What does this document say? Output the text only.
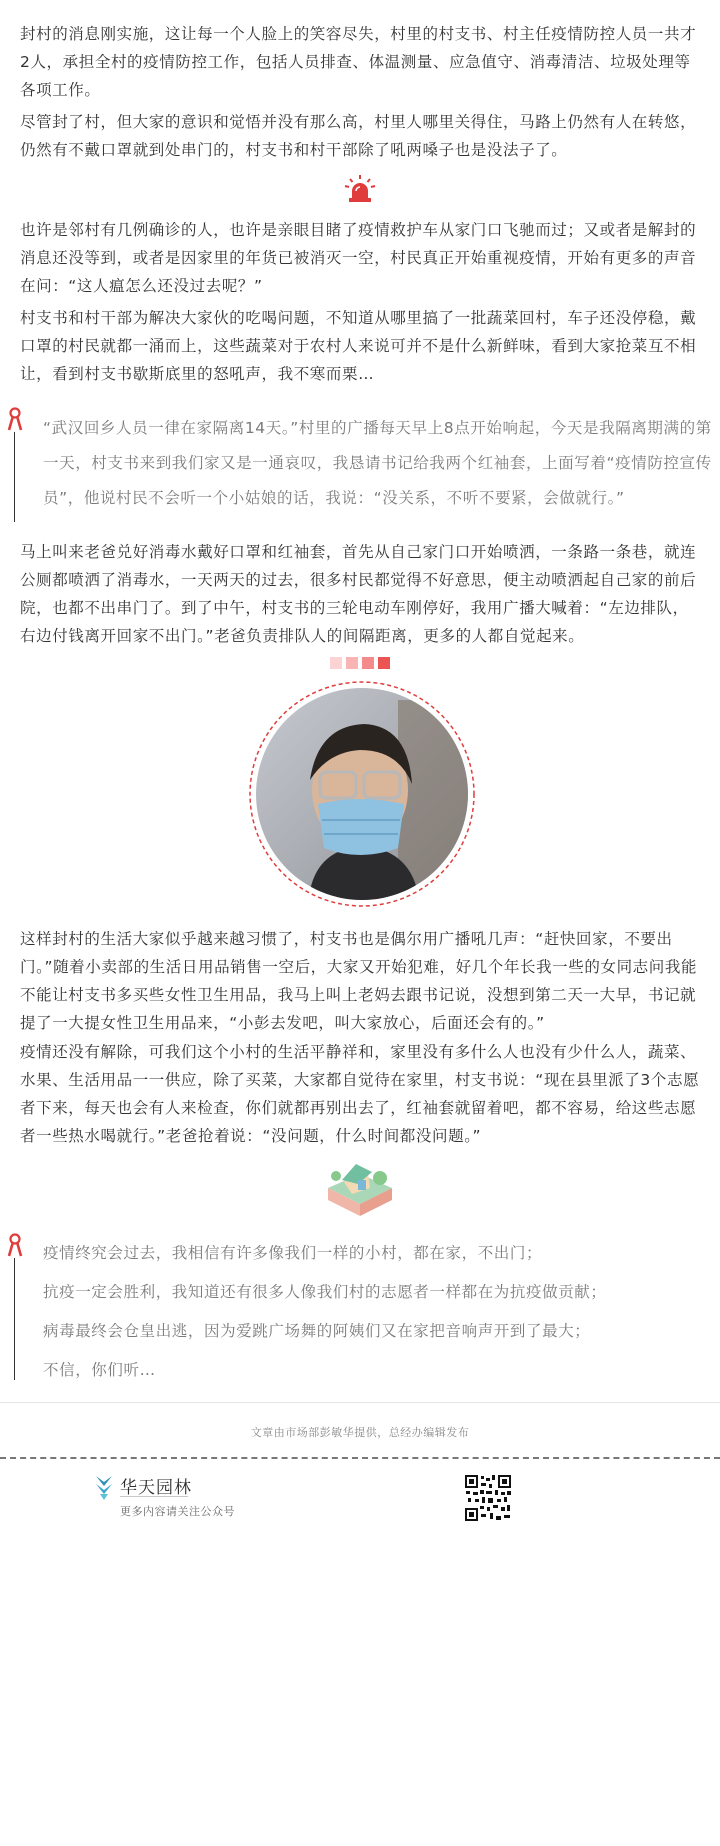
封村的消息刚实施，这让每一个人脸上的笑容尽失，村里的村支书、村主任疫情防控人员一共才2人，承担全村的疫情防控工作，包括人员排查、体温测量、应急值守、消毒清洁、垃圾处理等各项工作。

尽管封了村，但大家的意识和觉悟并没有那么高，村里人哪里关得住，马路上仍然有人在转悠，仍然有不戴口罩就到处串门的，村支书和村干部除了吼两嗓子也是没法子了。

也许是邻村有几例确诊的人，也许是亲眼目睹了疫情救护车从家门口飞驰而过；又或者是解封的消息还没等到，或者是因家里的年货已被消灭一空，村民真正开始重视疫情，开始有更多的声音在问：“这人瘟怎么还没过去呢？”

村支书和村干部为解决大家伙的吃喝问题，不知道从哪里搞了一批蔬菜回村，车子还没停稳，戴口罩的村民就都一涌而上，这些蔬菜对于农村人来说可并不是什么新鲜味，看到大家抢菜互不相让，看到村支书歇斯底里的怒吼声，我不寒而栗…

“武汉回乡人员一律在家隔离14天。”村里的广播每天早上8点开始响起，今天是我隔离期满的第一天，村支书来到我们家又是一通哀叹，我恳请书记给我两个红袖套，上面写着“疫情防控宣传员”，他说村民不会听一个小姑娘的话，我说：“没关系，不听不要紧，会做就行。”

马上叫来老爸兑好消毒水戴好口罩和红袖套，首先从自己家门口开始喷洒，一条路一条巷，就连公厕都喷洒了消毒水，一天两天的过去，很多村民都觉得不好意思，便主动喷洒起自己家的前后院，也都不出串门了。到了中午，村支书的三轮电动车刚停好，我用广播大喊着：“左边排队，右边付钱离开回家不出门。”老爸负责排队人的间隔距离，更多的人都自觉起来。

这样封村的生活大家似乎越来越习惯了，村支书也是偶尔用广播吼几声：“赶快回家，不要出门。”随着小卖部的生活日用品销售一空后，大家又开始犯难，好几个年长我一些的女同志问我能不能让村支书多买些女性卫生用品，我马上叫上老妈去跟书记说，没想到第二天一大早，书记就提了一大提女性卫生用品来，“小彭去发吧，叫大家放心，后面还会有的。”

疫情还没有解除，可我们这个小村的生活平静祥和，家里没有多什么人也没有少什么人，蔬菜、水果、生活用品一一供应，除了买菜，大家都自觉待在家里，村支书说：“现在县里派了3个志愿者下来，每天也会有人来检查，你们就都再别出去了，红袖套就留着吧，都不容易，给这些志愿者一些热水喝就行。”老爸抢着说：“没问题，什么时间都没问题。”

疫情终究会过去，我相信有许多像我们一样的小村，都在家，不出门；

抗疫一定会胜利，我知道还有很多人像我们村的志愿者一样都在为抗疫做贡献；

病毒最终会仓皇出逃，因为爱跳广场舞的阿姨们又在家把音响声开到了最大；

不信，你们听…

文章由市场部彭敏华提供，总经办编辑发布
华天园林
更多内容请关注公众号
